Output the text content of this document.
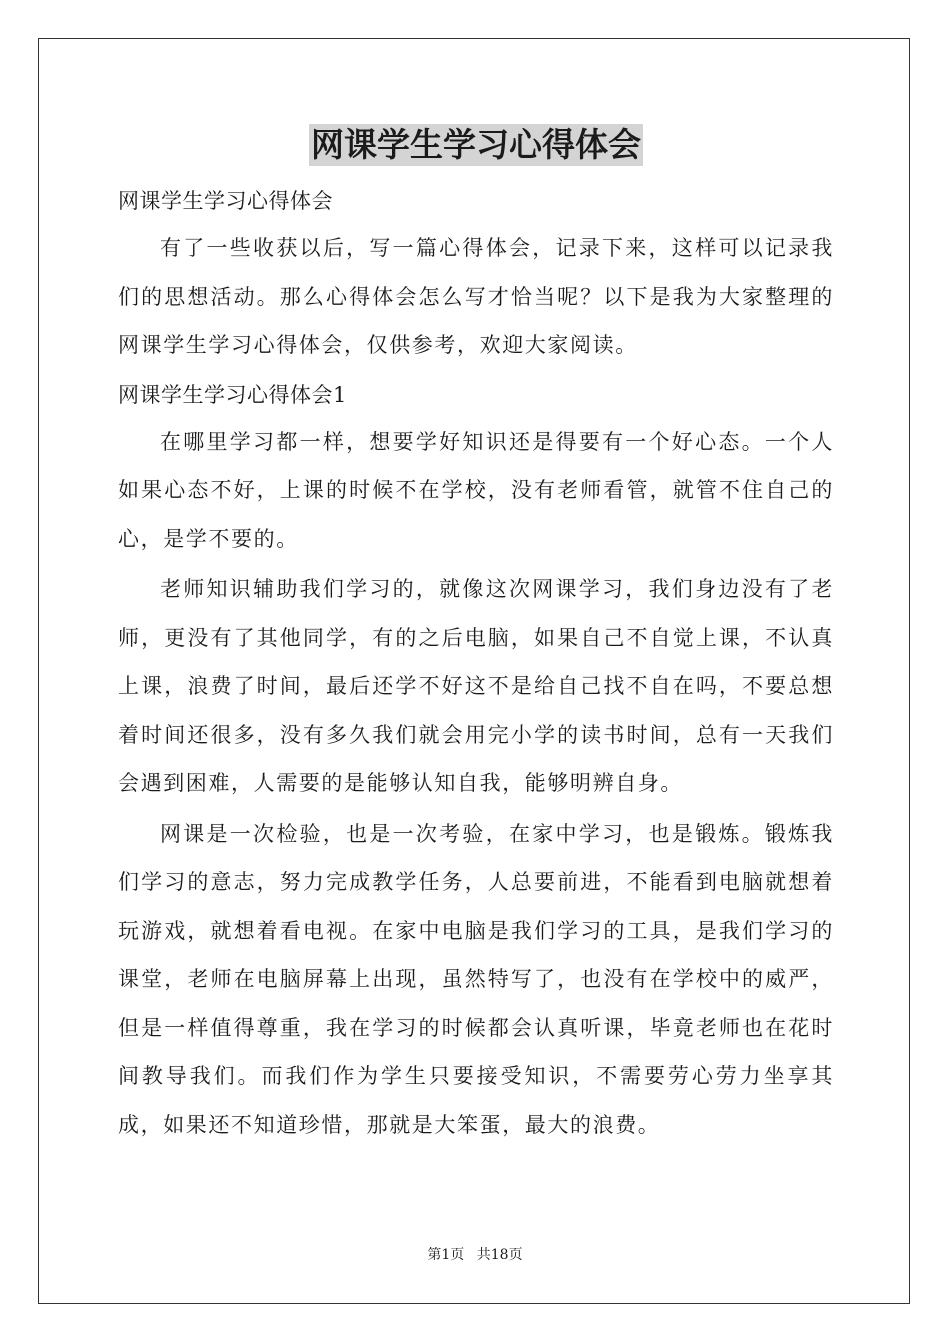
网课学生学习心得体会

网课学生学习心得体会

有了一些收获以后，写一篇心得体会，记录下来，这样可以记录我们的思想活动。那么心得体会怎么写才恰当呢？以下是我为大家整理的网课学生学习心得体会，仅供参考，欢迎大家阅读。

网课学生学习心得体会1

在哪里学习都一样，想要学好知识还是得要有一个好心态。一个人如果心态不好，上课的时候不在学校，没有老师看管，就管不住自己的心，是学不要的。

老师知识辅助我们学习的，就像这次网课学习，我们身边没有了老师，更没有了其他同学，有的之后电脑，如果自己不自觉上课，不认真上课，浪费了时间，最后还学不好这不是给自己找不自在吗，不要总想着时间还很多，没有多久我们就会用完小学的读书时间，总有一天我们会遇到困难，人需要的是能够认知自我，能够明辨自身。

网课是一次检验，也是一次考验，在家中学习，也是锻炼。锻炼我们学习的意志，努力完成教学任务，人总要前进，不能看到电脑就想着玩游戏，就想着看电视。在家中电脑是我们学习的工具，是我们学习的课堂，老师在电脑屏幕上出现，虽然特写了，也没有在学校中的威严，但是一样值得尊重，我在学习的时候都会认真听课，毕竟老师也在花时间教导我们。而我们作为学生只要接受知识，不需要劳心劳力坐享其成，如果还不知道珍惜，那就是大笨蛋，最大的浪费。

第1页 共18页
